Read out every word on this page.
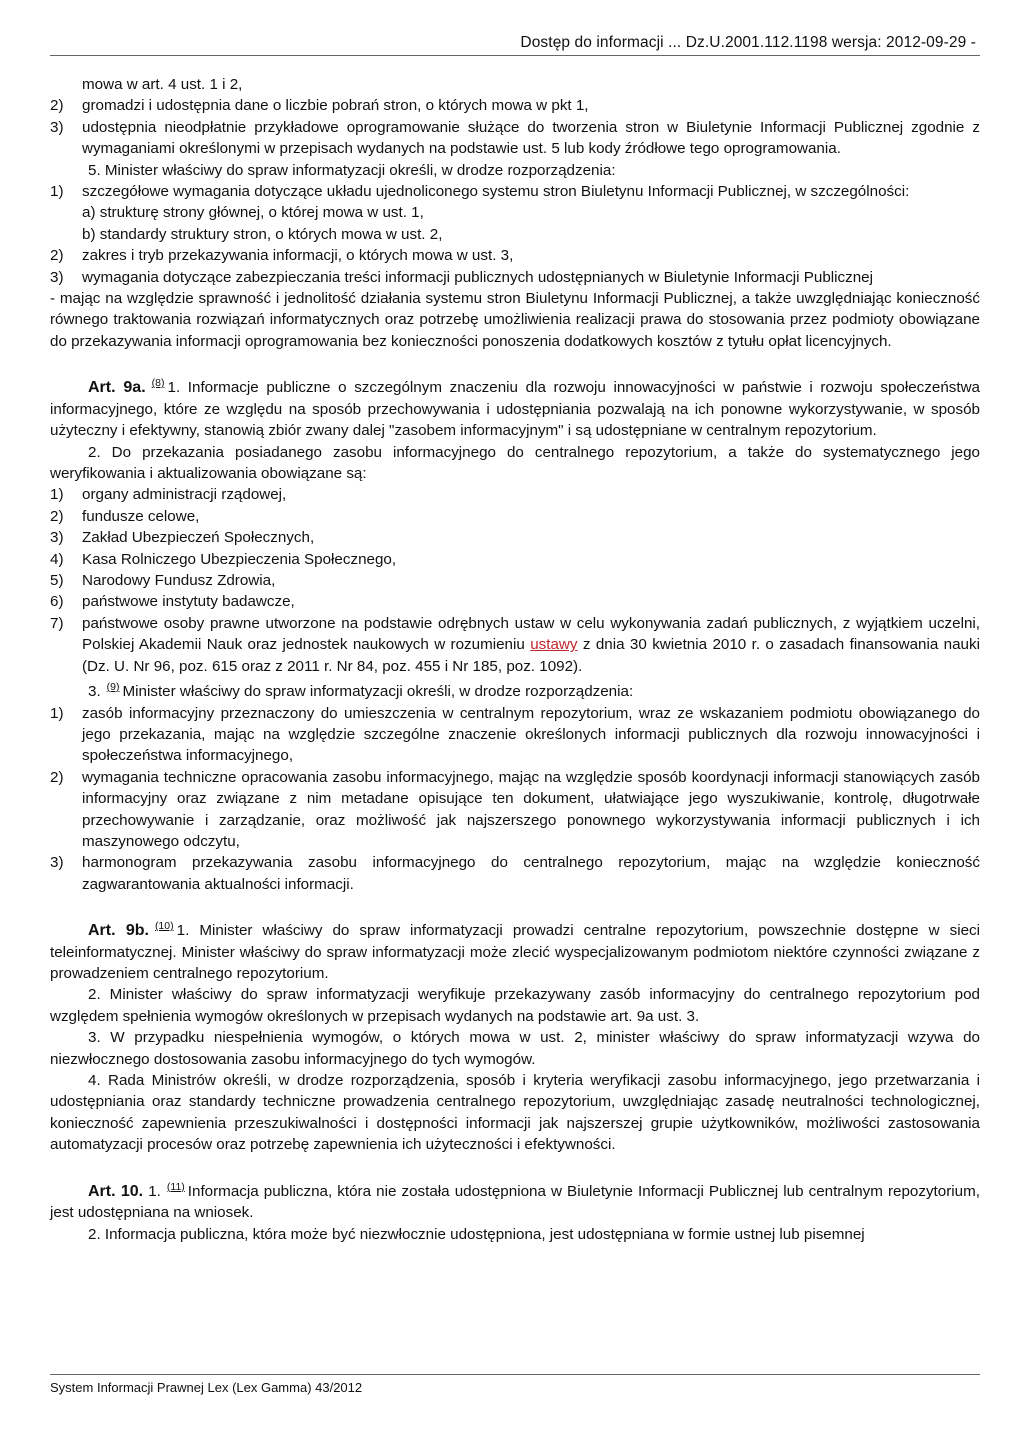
Dostęp do informacji ... Dz.U.2001.112.1198 wersja: 2012-09-29 -
mowa w art. 4 ust. 1 i 2,
2)	gromadzi i udostępnia dane o liczbie pobrań stron, o których mowa w pkt 1,
3)	udostępnia nieodpłatnie przykładowe oprogramowanie służące do tworzenia stron w Biuletynie Informacji Publicznej zgodnie z wymaganiami określonymi w przepisach wydanych na podstawie ust. 5 lub kody źródłowe tego oprogramowania.
5. Minister właściwy do spraw informatyzacji określi, w drodze rozporządzenia:
1)	szczegółowe wymagania dotyczące układu ujednoliconego systemu stron Biuletynu Informacji Publicznej, w szczególności:
a) strukturę strony głównej, o której mowa w ust. 1,
b) standardy struktury stron, o których mowa w ust. 2,
2)	zakres i tryb przekazywania informacji, o których mowa w ust. 3,
3)	wymagania dotyczące zabezpieczania treści informacji publicznych udostępnianych w Biuletynie Informacji Publicznej
- mając na względzie sprawność i jednolitość działania systemu stron Biuletynu Informacji Publicznej, a także uwzględniając konieczność równego traktowania rozwiązań informatycznych oraz potrzebę umożliwienia realizacji prawa do stosowania przez podmioty obowiązane do przekazywania informacji oprogramowania bez konieczności ponoszenia dodatkowych kosztów z tytułu opłat licencyjnych.
Art. 9a. $^{(8)}$ 1. Informacje publiczne o szczególnym znaczeniu dla rozwoju innowacyjności w państwie i rozwoju społeczeństwa informacyjnego, które ze względu na sposób przechowywania i udostępniania pozwalają na ich ponowne wykorzystywanie, w sposób użyteczny i efektywny, stanowią zbiór zwany dalej "zasobem informacyjnym" i są udostępniane w centralnym repozytorium.
2. Do przekazania posiadanego zasobu informacyjnego do centralnego repozytorium, a także do systematycznego jego weryfikowania i aktualizowania obowiązane są:
1)	organy administracji rządowej,
2)	fundusze celowe,
3)	Zakład Ubezpieczeń Społecznych,
4)	Kasa Rolniczego Ubezpieczenia Społecznego,
5)	Narodowy Fundusz Zdrowia,
6)	państwowe instytuty badawcze,
7)	państwowe osoby prawne utworzone na podstawie odrębnych ustaw w celu wykonywania zadań publicznych, z wyjątkiem uczelni, Polskiej Akademii Nauk oraz jednostek naukowych w rozumieniu ustawy z dnia 30 kwietnia 2010 r. o zasadach finansowania nauki (Dz. U. Nr 96, poz. 615 oraz z 2011 r. Nr 84, poz. 455 i Nr 185, poz. 1092).
3. $^{(9)}$ Minister właściwy do spraw informatyzacji określi, w drodze rozporządzenia:
1)	zasób informacyjny przeznaczony do umieszczenia w centralnym repozytorium, wraz ze wskazaniem podmiotu obowiązanego do jego przekazania, mając na względzie szczególne znaczenie określonych informacji publicznych dla rozwoju innowacyjności i społeczeństwa informacyjnego,
2)	wymagania techniczne opracowania zasobu informacyjnego, mając na względzie sposób koordynacji informacji stanowiących zasób informacyjny oraz związane z nim metadane opisujące ten dokument, ułatwiające jego wyszukiwanie, kontrolę, długotrwałe przechowywanie i zarządzanie, oraz możliwość jak najszerszego ponownego wykorzystywania informacji publicznych i ich maszynowego odczytu,
3)	harmonogram przekazywania zasobu informacyjnego do centralnego repozytorium, mając na względzie konieczność zagwarantowania aktualności informacji.
Art. 9b. $^{(10)}$ 1. Minister właściwy do spraw informatyzacji prowadzi centralne repozytorium, powszechnie dostępne w sieci teleinformatycznej. Minister właściwy do spraw informatyzacji może zlecić wyspecjalizowanym podmiotom niektóre czynności związane z prowadzeniem centralnego repozytorium.
2. Minister właściwy do spraw informatyzacji weryfikuje przekazywany zasób informacyjny do centralnego repozytorium pod względem spełnienia wymogów określonych w przepisach wydanych na podstawie art. 9a ust. 3.
3. W przypadku niespełnienia wymogów, o których mowa w ust. 2, minister właściwy do spraw informatyzacji wzywa do niezwłocznego dostosowania zasobu informacyjnego do tych wymogów.
4. Rada Ministrów określi, w drodze rozporządzenia, sposób i kryteria weryfikacji zasobu informacyjnego, jego przetwarzania i udostępniania oraz standardy techniczne prowadzenia centralnego repozytorium, uwzględniając zasadę neutralności technologicznej, konieczność zapewnienia przeszukiwalności i dostępności informacji jak najszerszej grupie użytkowników, możliwości zastosowania automatyzacji procesów oraz potrzebę zapewnienia ich użyteczności i efektywności.
Art. 10. 1. $^{(11)}$ Informacja publiczna, która nie została udostępniona w Biuletynie Informacji Publicznej lub centralnym repozytorium, jest udostępniana na wniosek.
2. Informacja publiczna, która może być niezwłocznie udostępniona, jest udostępniana w formie ustnej lub pisemnej
System Informacji Prawnej Lex (Lex Gamma) 43/2012
